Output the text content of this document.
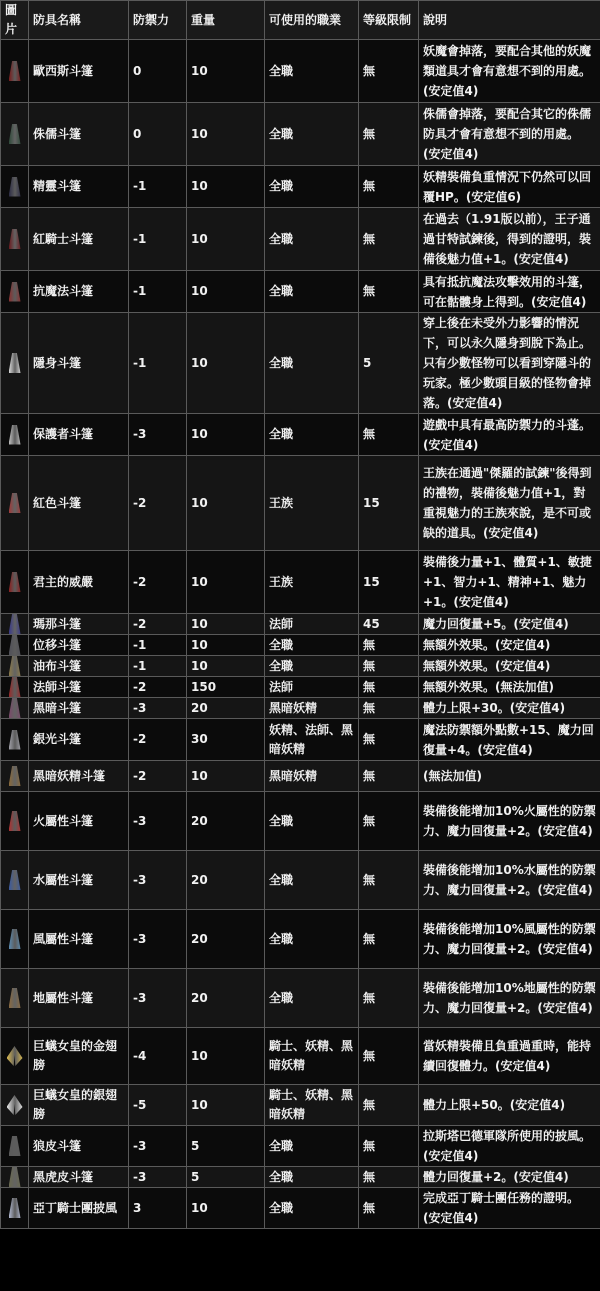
圖片	防具名稱	防禦力	重量	可使用的職業	等級限制	說明
	歐西斯斗篷	0	10	全職	無	妖魔會掉落，要配合其他的妖魔類道具才會有意想不到的用處。(安定值4)
	侏儒斗篷	0	10	全職	無	侏儒會掉落，要配合其它的侏儒防具才會有意想不到的用處。(安定值4)
	精靈斗篷	-1	10	全職	無	妖精裝備負重情況下仍然可以回覆HP。(安定值6)
	紅騎士斗篷	-1	10	全職	無	在過去（1.91版以前），王子通過甘特試鍊後，得到的證明，裝備後魅力值+1。(安定值4)
	抗魔法斗篷	-1	10	全職	無	具有抵抗魔法攻擊效用的斗篷，可在骷髏身上得到。(安定值4)
	隱身斗篷	-1	10	全職	5	穿上後在未受外力影響的情況下，可以永久隱身到脫下為止。只有少數怪物可以看到穿隱斗的玩家。極少數頭目級的怪物會掉落。(安定值4)
	保護者斗篷	-3	10	全職	無	遊戲中具有最高防禦力的斗蓬。(安定值4)
	紅色斗篷	-2	10	王族	15	王族在通過"傑羅的試鍊"後得到的禮物，裝備後魅力值+1，對重視魅力的王族來說，是不可或缺的道具。(安定值4)
	君主的威嚴	-2	10	王族	15	裝備後力量+1、體質+1、敏捷+1、智力+1、精神+1、魅力+1。(安定值4)
	瑪那斗篷	-2	10	法師	45	魔力回復量+5。(安定值4)
	位移斗篷	-1	10	全職	無	無額外效果。(安定值4)
	油布斗篷	-1	10	全職	無	無額外效果。(安定值4)
	法師斗篷	-2	150	法師	無	無額外效果。(無法加值)
	黑暗斗篷	-3	20	黑暗妖精	無	體力上限+30。(安定值4)
	銀光斗篷	-2	30	妖精、法師、黑暗妖精	無	魔法防禦額外點數+15、魔力回復量+4。(安定值4)
	黑暗妖精斗篷	-2	10	黑暗妖精	無	(無法加值)
	火屬性斗篷	-3	20	全職	無	裝備後能增加10%火屬性的防禦力、魔力回復量+2。(安定值4)
	水屬性斗篷	-3	20	全職	無	裝備後能增加10%水屬性的防禦力、魔力回復量+2。(安定值4)
	風屬性斗篷	-3	20	全職	無	裝備後能增加10%風屬性的防禦力、魔力回復量+2。(安定值4)
	地屬性斗篷	-3	20	全職	無	裝備後能增加10%地屬性的防禦力、魔力回復量+2。(安定值4)
	巨蟻女皇的金翅膀	-4	10	騎士、妖精、黑暗妖精	無	當妖精裝備且負重過重時，能持續回復體力。(安定值4)
	巨蟻女皇的銀翅膀	-5	10	騎士、妖精、黑暗妖精	無	體力上限+50。(安定值4)
	狼皮斗篷	-3	5	全職	無	拉斯塔巴德軍隊所使用的披風。(安定值4)
	黑虎皮斗篷	-3	5	全職	無	體力回復量+2。(安定值4)
	亞丁騎士團披風	3	10	全職	無	完成亞丁騎士團任務的證明。(安定值4)
